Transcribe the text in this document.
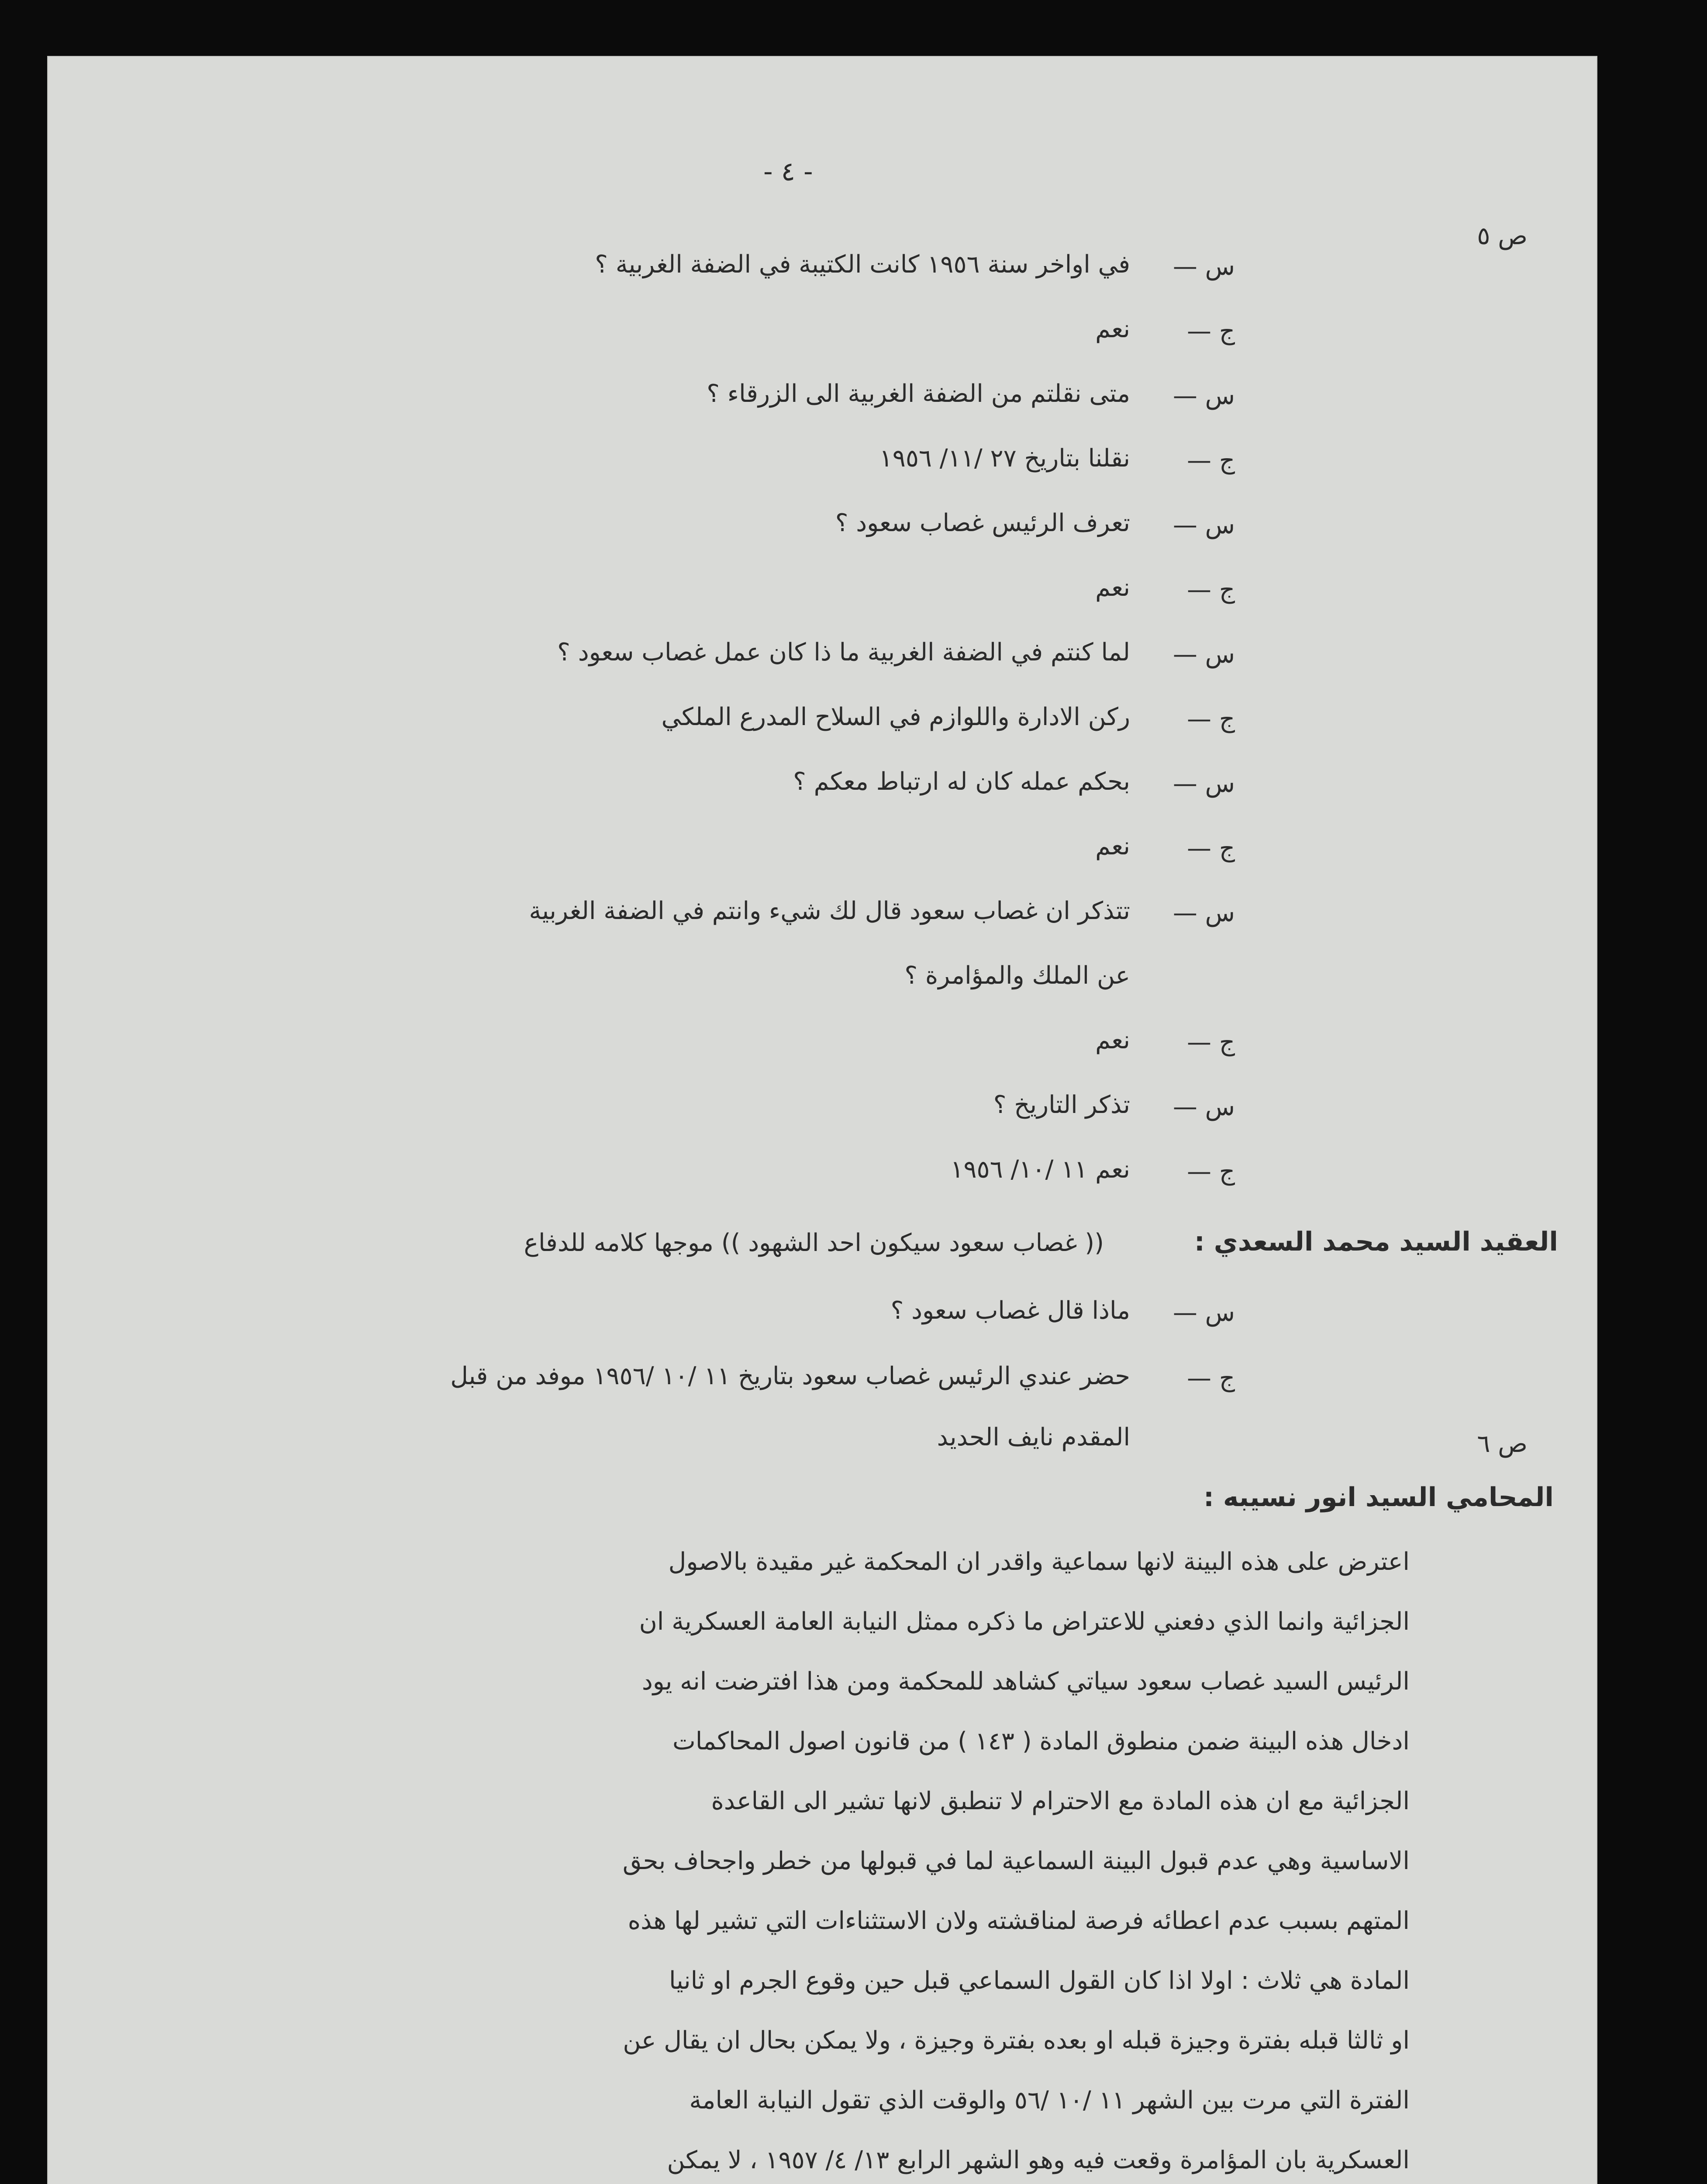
- ٤ -
ص ٥
العقيد السيد محمد السعدي :
(( غصاب سعود سيكون احد الشهود )) موجها كلامه للدفاع
ص ٦
المحامي السيد انور نسيبه :
س —
في اواخر سنة ١٩٥٦ كانت الكتيبة في الضفة الغربية ؟
ج —
نعم
س —
متى نقلتم من الضفة الغربية الى الزرقاء ؟
ج —
نقلنا بتاريخ ٢٧ /١١/ ١٩٥٦
س —
تعرف الرئيس غصاب سعود ؟
ج —
نعم
س —
لما كنتم في الضفة الغربية ما ذا كان عمل غصاب سعود ؟
ج —
ركن الادارة واللوازم في السلاح المدرع الملكي
س —
بحكم عمله كان له ارتباط معكم ؟
ج —
نعم
س —
تتذكر ان غصاب سعود قال لك شيء وانتم في الضفة الغربية
عن الملك والمؤامرة ؟
ج —
نعم
س —
تذكر التاريخ ؟
ج —
نعم ١١ /١٠/ ١٩٥٦
س —
ماذا قال غصاب سعود ؟
ج —
حضر عندي الرئيس غصاب سعود بتاريخ ١١ /١٠ /١٩٥٦ موفد من قبل
المقدم نايف الحديد
اعترض على هذه البينة لانها سماعية واقدر ان المحكمة غير مقيدة بالاصول
الجزائية وانما الذي دفعني للاعتراض ما ذكره ممثل النيابة العامة العسكرية ان
الرئيس السيد غصاب سعود سياتي كشاهد للمحكمة ومن هذا افترضت انه يود
ادخال هذه البينة ضمن منطوق المادة ( ١٤٣ ) من قانون اصول المحاكمات
الجزائية مع ان هذه المادة مع الاحترام لا تنطبق لانها تشير الى القاعدة
الاساسية وهي عدم قبول البينة السماعية لما في قبولها من خطر واجحاف بحق
المتهم بسبب عدم اعطائه فرصة لمناقشته ولان الاستثناءات التي تشير لها هذه
المادة هي ثلاث : اولا اذا كان القول السماعي قبل حين وقوع الجرم او ثانيا
او ثالثا قبله بفترة وجيزة قبله او بعده بفترة وجيزة ، ولا يمكن بحال ان يقال عن
الفترة التي مرت بين الشهر ١١ /١٠ /٥٦ والوقت الذي تقول النيابة العامة
العسكرية بان المؤامرة وقعت فيه وهو الشهر الرابع ١٣/ ٤/ ١٩٥٧ ، لا يمكن
